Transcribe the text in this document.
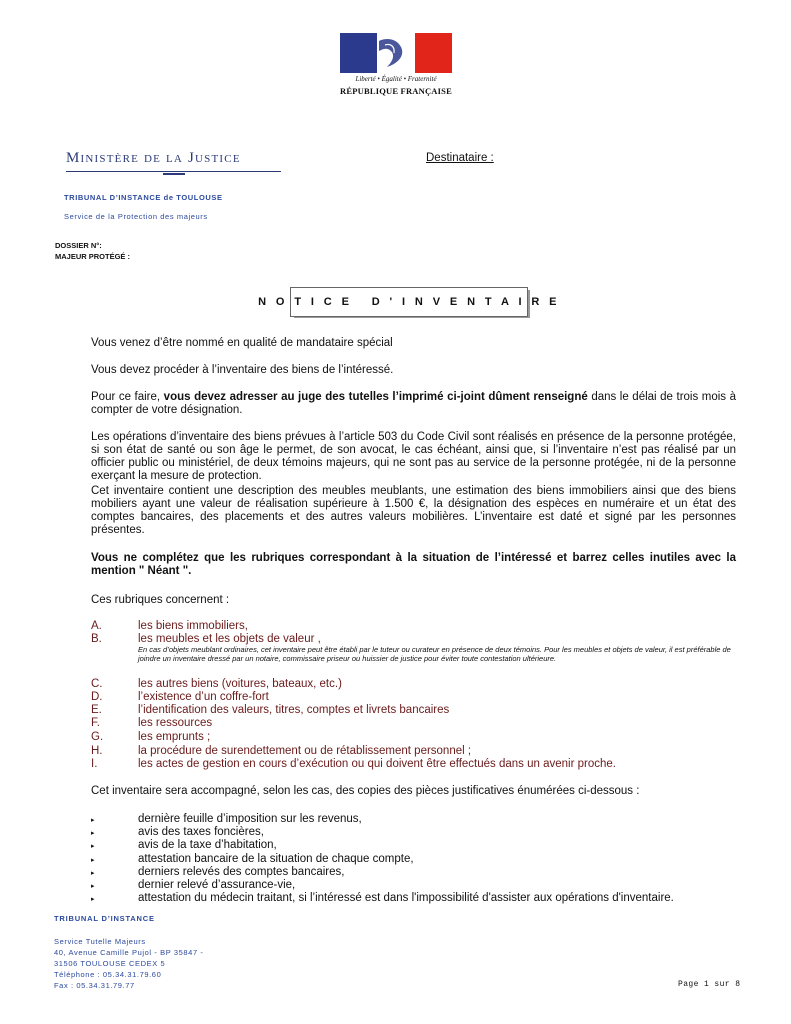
Liberté • Égalité • Fraternité
RÉPUBLIQUE FRANÇAISE
Ministère de la Justice	Destinataire :
TRIBUNAL D’INSTANCE de TOULOUSE
Service de la Protection des majeurs
DOSSIER N°:
MAJEUR PROTÉGÉ :
N O T I C E   D ' I N V E N T A I R E
Vous venez d’être nommé en qualité de mandataire spécial
Vous devez procéder à l’inventaire des biens de l’intéressé.
Pour ce faire, vous devez adresser au juge des tutelles l’imprimé ci-joint dûment renseigné dans le délai de trois mois à compter de votre désignation.
Les opérations d’inventaire des biens prévues à l’article 503 du Code Civil sont réalisés en présence de la personne protégée, si son état de santé ou son âge le permet, de son avocat, le cas échéant, ainsi que, si l’inventaire n’est pas réalisé par un officier public ou ministériel, de deux témoins majeurs, qui ne sont pas au service de la personne protégée, ni de la personne exerçant la mesure de protection.
Cet inventaire contient une description des meubles meublants, une estimation des biens immobiliers ainsi que des biens mobiliers ayant une valeur de réalisation supérieure à 1.500 €, la désignation des espèces en numéraire et un état des comptes bancaires, des placements et des autres valeurs mobilières. L’inventaire est daté et signé par les personnes présentes.
Vous ne complétez que les rubriques correspondant à la situation de l’intéressé et barrez celles inutiles avec la mention " Néant ".
Ces rubriques concernent :
A.	les biens immobiliers,
B.	les meubles et les objets de valeur ,
En cas d’objets meublant ordinaires, cet inventaire peut être établi par le tuteur ou curateur en présence de deux témoins. Pour les meubles et objets de valeur, il est préférable de joindre un inventaire dressé par un notaire, commissaire priseur ou huissier de justice pour éviter toute contestation ultérieure.
C.	les autres biens (voitures, bateaux, etc.)
D.	l’existence d’un coffre-fort
E.	l’identification des valeurs, titres, comptes et livrets bancaires
F.	les ressources
G.	les emprunts ;
H.	la procédure de surendettement ou de rétablissement personnel ;
I.	les actes de gestion en cours d’exécution ou qui doivent être effectués dans un avenir proche.
Cet inventaire sera accompagné, selon les cas, des copies des pièces justificatives énumérées ci-dessous :
▸	dernière feuille d’imposition sur les revenus,
▸	avis des taxes foncières,
▸	avis de la taxe d’habitation,
▸	attestation bancaire de la situation de chaque compte,
▸	derniers relevés des comptes bancaires,
▸	dernier relevé d’assurance-vie,
▸	attestation du médecin traitant, si l’intéressé est dans l'impossibilité d'assister aux opérations d'inventaire.
TRIBUNAL D’INSTANCE
Service Tutelle Majeurs
40, Avenue Camille Pujol - BP 35847 -
31506 TOULOUSE CEDEX 5
Téléphone : 05.34.31.79.60
Fax : 05.34.31.79.77	Page 1 sur 8
